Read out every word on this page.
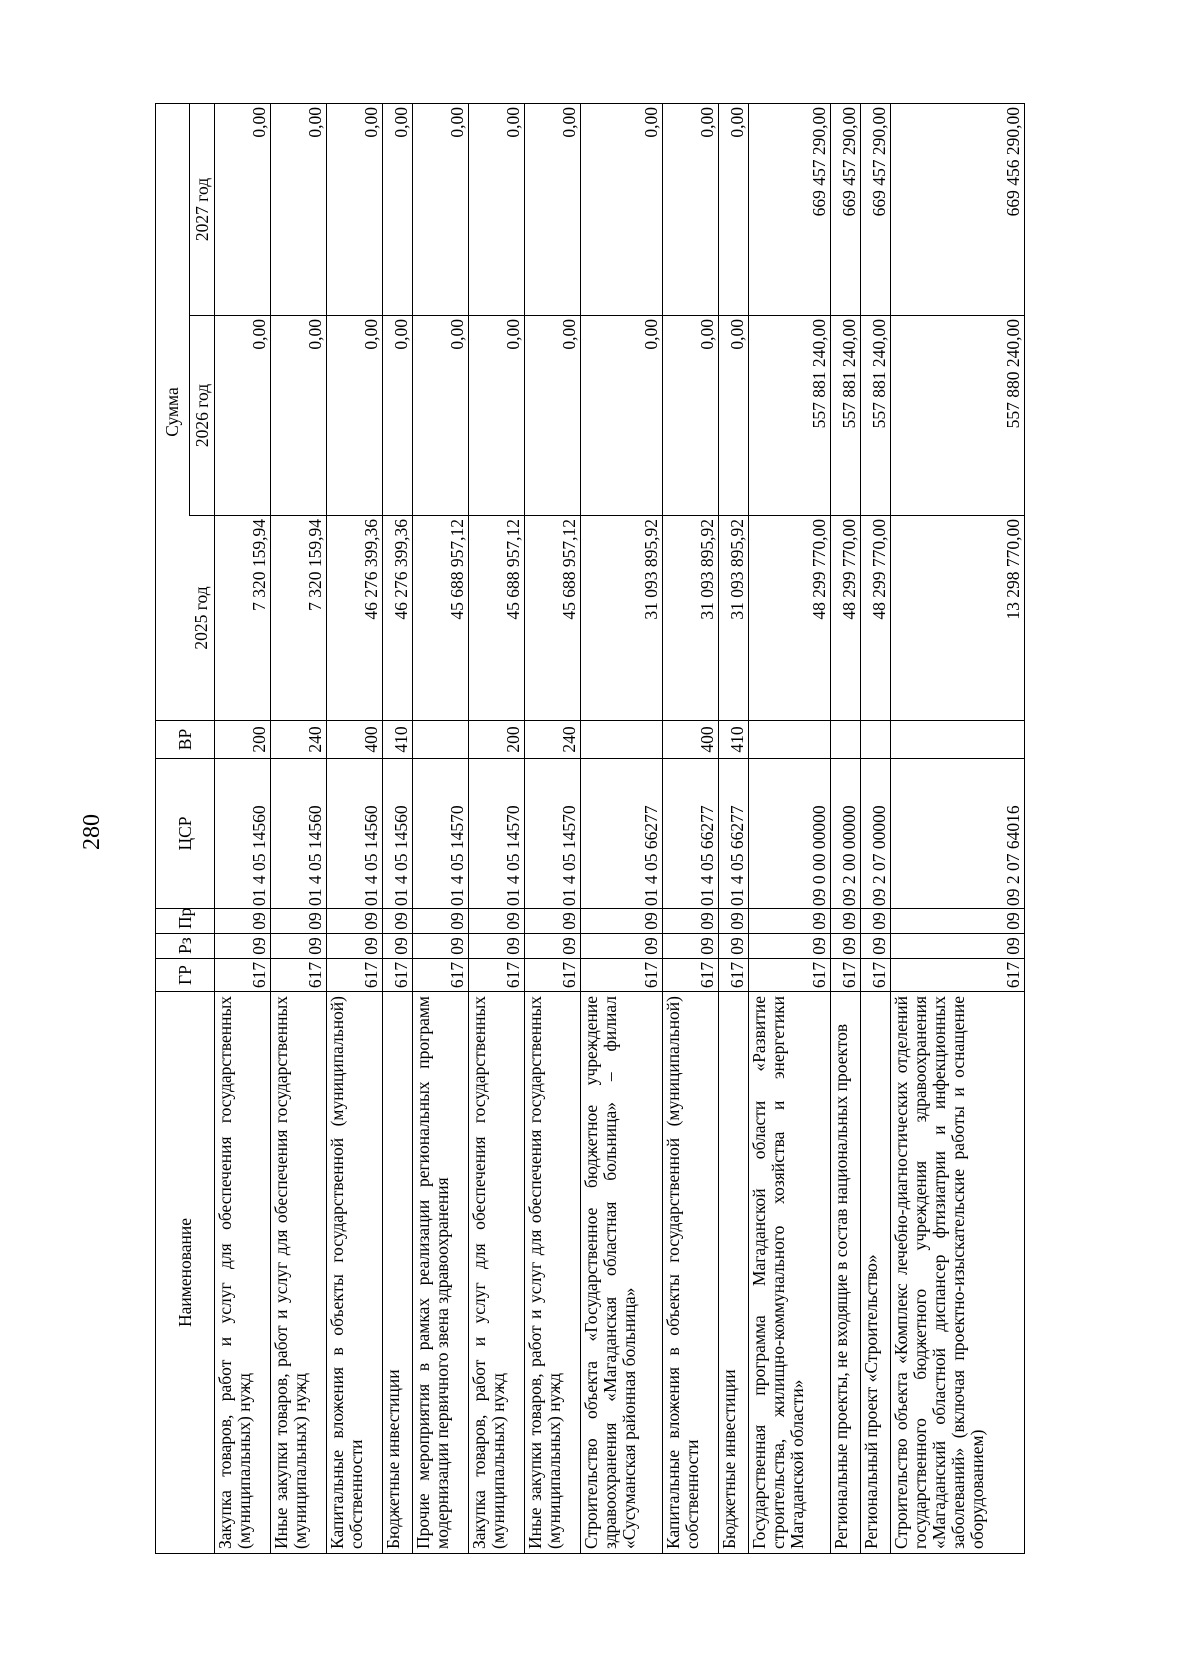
280
Наименование	ГР	Рз	Пр	ЦСР	ВР	Сумма		
						2025 год	2026 год	2027 год
Закупка товаров, работ и услуг для обеспечения государственных (муниципальных) нужд	617	09	09	01 4 05 14560	200	7 320 159,94	0,00	0,00
Иные закупки товаров, работ и услуг для обеспечения государственных (муниципальных) нужд	617	09	09	01 4 05 14560	240	7 320 159,94	0,00	0,00
Капитальные вложения в объекты государственной (муниципальной) собственности	617	09	09	01 4 05 14560	400	46 276 399,36	0,00	0,00
Бюджетные инвестиции	617	09	09	01 4 05 14560	410	46 276 399,36	0,00	0,00
Прочие мероприятия в рамках реализации региональных программ модернизации первичного звена здравоохранения	617	09	09	01 4 05 14570		45 688 957,12	0,00	0,00
Закупка товаров, работ и услуг для обеспечения государственных (муниципальных) нужд	617	09	09	01 4 05 14570	200	45 688 957,12	0,00	0,00
Иные закупки товаров, работ и услуг для обеспечения государственных (муниципальных) нужд	617	09	09	01 4 05 14570	240	45 688 957,12	0,00	0,00
Строительство объекта «Государственное бюджетное учреждение здравоохранения «Магаданская областная больница» – филиал «Сусуманская районная больница»	617	09	09	01 4 05 66277		31 093 895,92	0,00	0,00
Капитальные вложения в объекты государственной (муниципальной) собственности	617	09	09	01 4 05 66277	400	31 093 895,92	0,00	0,00
Бюджетные инвестиции	617	09	09	01 4 05 66277	410	31 093 895,92	0,00	0,00
Государственная программа Магаданской области «Развитие строительства, жилищно-коммунального хозяйства и энергетики Магаданской области»	617	09	09	09 0 00 00000		48 299 770,00	557 881 240,00	669 457 290,00
Региональные проекты, не входящие в состав национальных проектов	617	09	09	09 2 00 00000		48 299 770,00	557 881 240,00	669 457 290,00
Региональный проект «Строительство»	617	09	09	09 2 07 00000		48 299 770,00	557 881 240,00	669 457 290,00
Строительство объекта «Комплекс лечебно-диагностических отделений государственного бюджетного учреждения здравоохранения «Магаданский областной диспансер фтизиатрии и инфекционных заболеваний» (включая проектно-изыскательские работы и оснащение оборудованием)	617	09	09	09 2 07 64016		13 298 770,00	557 880 240,00	669 456 290,00
